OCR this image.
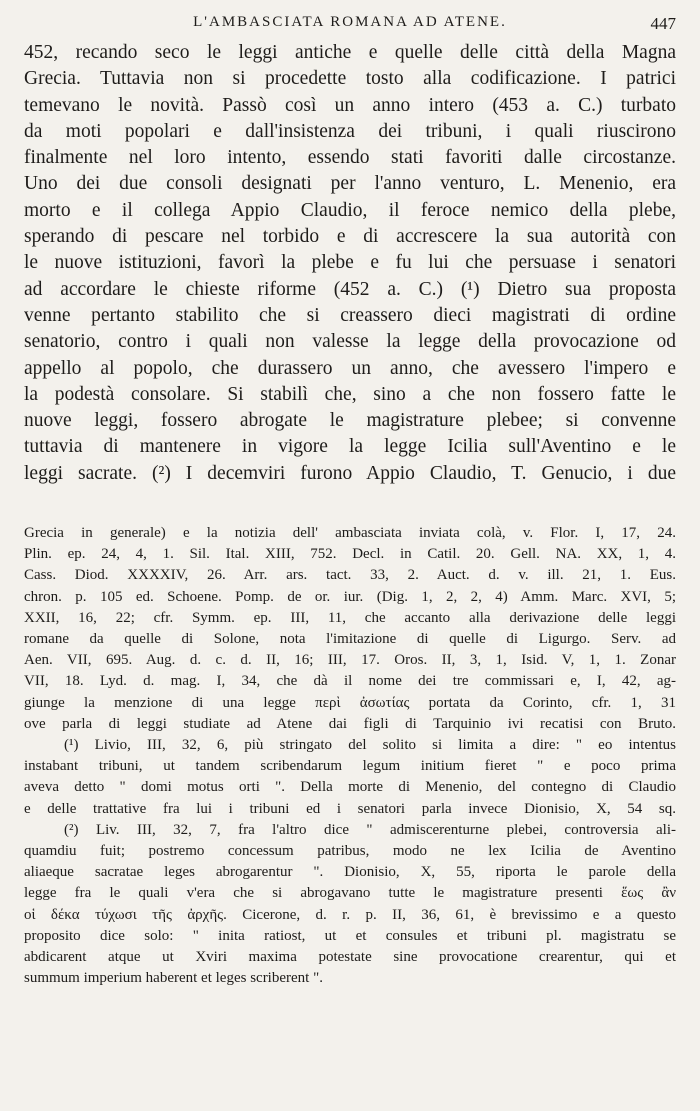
L'AMBASCIATA ROMANA AD ATENE.	447
452, recando seco le leggi antiche e quelle delle città della Magna
Grecia. Tuttavia non si procedette tosto alla codificazione. I patrici
temevano le novità. Passò così un anno intero (453 a. C.) turbato
da moti popolari e dall'insistenza dei tribuni, i quali riuscirono
finalmente nel loro intento, essendo stati favoriti dalle circostanze.
Uno dei due consoli designati per l'anno venturo, L. Menenio, era
morto e il collega Appio Claudio, il feroce nemico della plebe,
sperando di pescare nel torbido e di accrescere la sua autorità con
le nuove istituzioni, favorì la plebe e fu lui che persuase i senatori
ad accordare le chieste riforme (452 a. C.) (¹) Dietro sua proposta
venne pertanto stabilito che si creassero dieci magistrati di ordine
senatorio, contro i quali non valesse la legge della provocazione od
appello al popolo, che durassero un anno, che avessero l'impero e
la podestà consolare. Si stabilì che, sino a che non fossero fatte le
nuove leggi, fossero abrogate le magistrature plebee; si convenne
tuttavia di mantenere in vigore la legge Icilia sull'Aventino e le
leggi sacrate. (²) I decemviri furono Appio Claudio, T. Genucio, i due
Grecia in generale) e la notizia dell' ambasciata inviata colà, v. Flor. I, 17, 24.
Plin. ep. 24, 4, 1. Sil. Ital. XIII, 752. Decl. in Catil. 20. Gell. NA. XX, 1, 4.
Cass. Diod. XXXXIV, 26. Arr. ars. tact. 33, 2. Auct. d. v. ill. 21, 1. Eus.
chron. p. 105 ed. Schoene. Pomp. de or. iur. (Dig. 1, 2, 2, 4) Amm. Marc. XVI, 5;
XXII, 16, 22; cfr. Symm. ep. III, 11, che accanto alla derivazione delle leggi
romane da quelle di Solone, nota l'imitazione di quelle di Ligurgo. Serv. ad
Aen. VII, 695. Aug. d. c. d. II, 16; III, 17. Oros. II, 3, 1, Isid. V, 1, 1. Zonar
VII, 18. Lyd. d. mag. I, 34, che dà il nome dei tre commissari e, I, 42, ag-
giunge la menzione di una legge περὶ ἀσωτίας portata da Corinto, cfr. 1, 31
ove parla di leggi studiate ad Atene dai figli di Tarquinio ivi recatisi con Bruto.
(¹) Livio, III, 32, 6, più stringato del solito si limita a dire: " eo intentus
instabant tribuni, ut tandem scribendarum legum initium fieret " e poco prima
aveva detto " domi motus orti ". Della morte di Menenio, del contegno di Claudio
e delle trattative fra lui i tribuni ed i senatori parla invece Dionisio, X, 54 sq.
(²) Liv. III, 32, 7, fra l'altro dice " admiscerenturne plebei, controversia ali-
quamdiu fuit; postremo concessum patribus, modo ne lex Icilia de Aventino
aliaeque sacratae leges abrogarentur ". Dionisio, X, 55, riporta le parole della
legge fra le quali v'era che si abrogavano tutte le magistrature presenti ἕως ἂν
οἱ δέκα τύχωσι τῆς ἀρχῆς. Cicerone, d. r. p. II, 36, 61, è brevissimo e a questo
proposito dice solo: " inita ratiost, ut et consules et tribuni pl. magistratu se
abdicarent atque ut Xviri maxima potestate sine provocatione crearentur, qui et
summum imperium haberent et leges scriberent ".
